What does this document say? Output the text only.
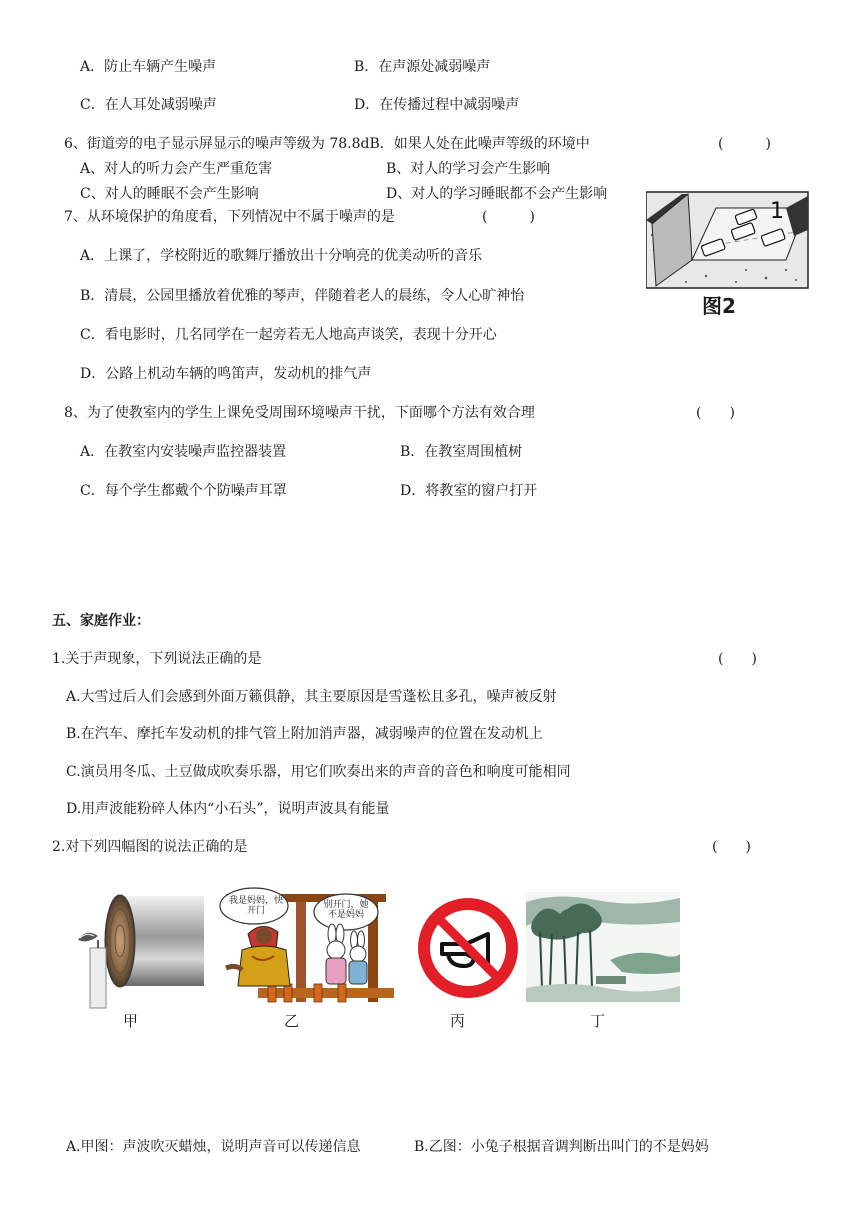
A．防止车辆产生噪声	B．在声源处减弱噪声
C．在人耳处减弱噪声	D．在传播过程中减弱噪声
6、街道旁的电子显示屏显示的噪声等级为 78.8dB．如果人处在此噪声等级的环境中	(　　　)
A、对人的听力会产生严重危害	B、对人的学习会产生影响
C、对人的睡眠不会产生影响	D、对人的学习睡眠都不会产生影响
7、从环境保护的角度看，下列情况中不属于噪声的是	(　　　)
A．上课了，学校附近的歌舞厅播放出十分响亮的优美动听的音乐
B．清晨，公园里播放着优雅的琴声，伴随着老人的晨练，令人心旷神怡
C．看电影时，几名同学在一起旁若无人地高声谈笑，表现十分开心
D．公路上机动车辆的鸣笛声，发动机的排气声
1
图2
8、为了使教室内的学生上课免受周围环境噪声干扰，下面哪个方法有效合理	(　　)
A．在教室内安装噪声监控器装置	B．在教室周围植树
C．每个学生都戴个个防噪声耳罩	D．将教室的窗户打开
五、家庭作业：
1.关于声现象，下列说法正确的是	(　　)
A.大雪过后人们会感到外面万籁俱静，其主要原因是雪蓬松且多孔，噪声被反射
B.在汽车、摩托车发动机的排气管上附加消声器，减弱噪声的位置在发动机上
C.演员用冬瓜、土豆做成吹奏乐器，用它们吹奏出来的声音的音色和响度可能相同
D.用声波能粉碎人体内“小石头”，说明声波具有能量
2.对下列四幅图的说法正确的是	(　　)
我是妈妈，快开门
别开门，她不是妈妈
甲	乙	丙	丁
A.甲图：声波吹灭蜡烛，说明声音可以传递信息	B.乙图：小兔子根据音调判断出叫门的不是妈妈
